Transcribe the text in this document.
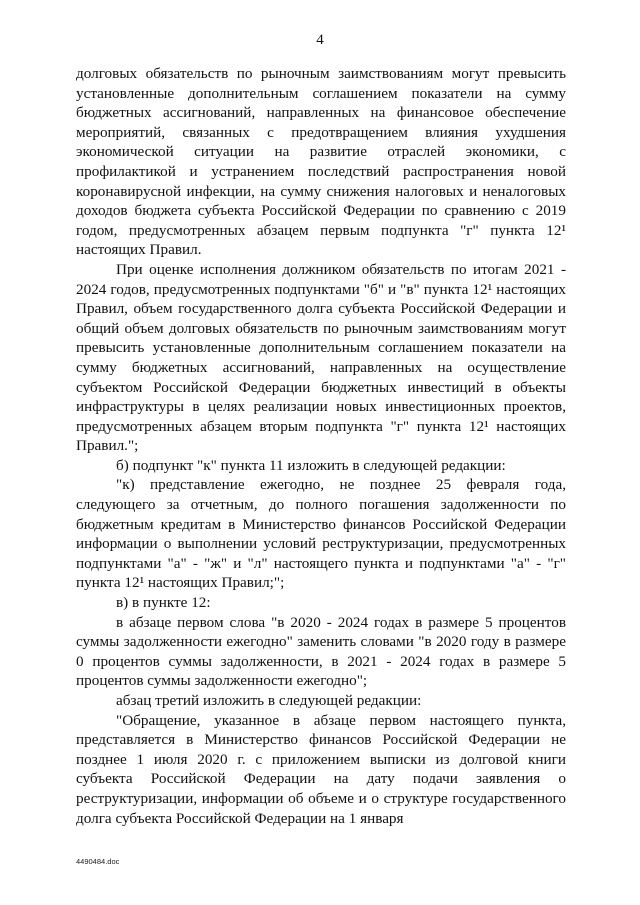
4

долговых обязательств по рыночным заимствованиям могут превысить установленные дополнительным соглашением показатели на сумму бюджетных ассигнований, направленных на финансовое обеспечение мероприятий, связанных с предотвращением влияния ухудшения экономической ситуации на развитие отраслей экономики, с профилактикой и устранением последствий распространения новой коронавирусной инфекции, на сумму снижения налоговых и неналоговых доходов бюджета субъекта Российской Федерации по сравнению с 2019 годом, предусмотренных абзацем первым подпункта "г" пункта 12¹ настоящих Правил.

При оценке исполнения должником обязательств по итогам 2021 - 2024 годов, предусмотренных подпунктами "б" и "в" пункта 12¹ настоящих Правил, объем государственного долга субъекта Российской Федерации и общий объем долговых обязательств по рыночным заимствованиям могут превысить установленные дополнительным соглашением показатели на сумму бюджетных ассигнований, направленных на осуществление субъектом Российской Федерации бюджетных инвестиций в объекты инфраструктуры в целях реализации новых инвестиционных проектов, предусмотренных абзацем вторым подпункта "г" пункта 12¹ настоящих Правил.";

б) подпункт "к" пункта 11 изложить в следующей редакции:

"к) представление ежегодно, не позднее 25 февраля года, следующего за отчетным, до полного погашения задолженности по бюджетным кредитам в Министерство финансов Российской Федерации информации о выполнении условий реструктуризации, предусмотренных подпунктами "а" - "ж" и "л" настоящего пункта и подпунктами "а" - "г" пункта 12¹ настоящих Правил;";

в) в пункте 12:

в абзаце первом слова "в 2020 - 2024 годах в размере 5 процентов суммы задолженности ежегодно" заменить словами "в 2020 году в размере 0 процентов суммы задолженности, в 2021 - 2024 годах в размере 5 процентов суммы задолженности ежегодно";

абзац третий изложить в следующей редакции:

"Обращение, указанное в абзаце первом настоящего пункта, представляется в Министерство финансов Российской Федерации не позднее 1 июля 2020 г. с приложением выписки из долговой книги субъекта Российской Федерации на дату подачи заявления о реструктуризации, информации об объеме и о структуре государственного долга субъекта Российской Федерации на 1 января

4490484.doc
